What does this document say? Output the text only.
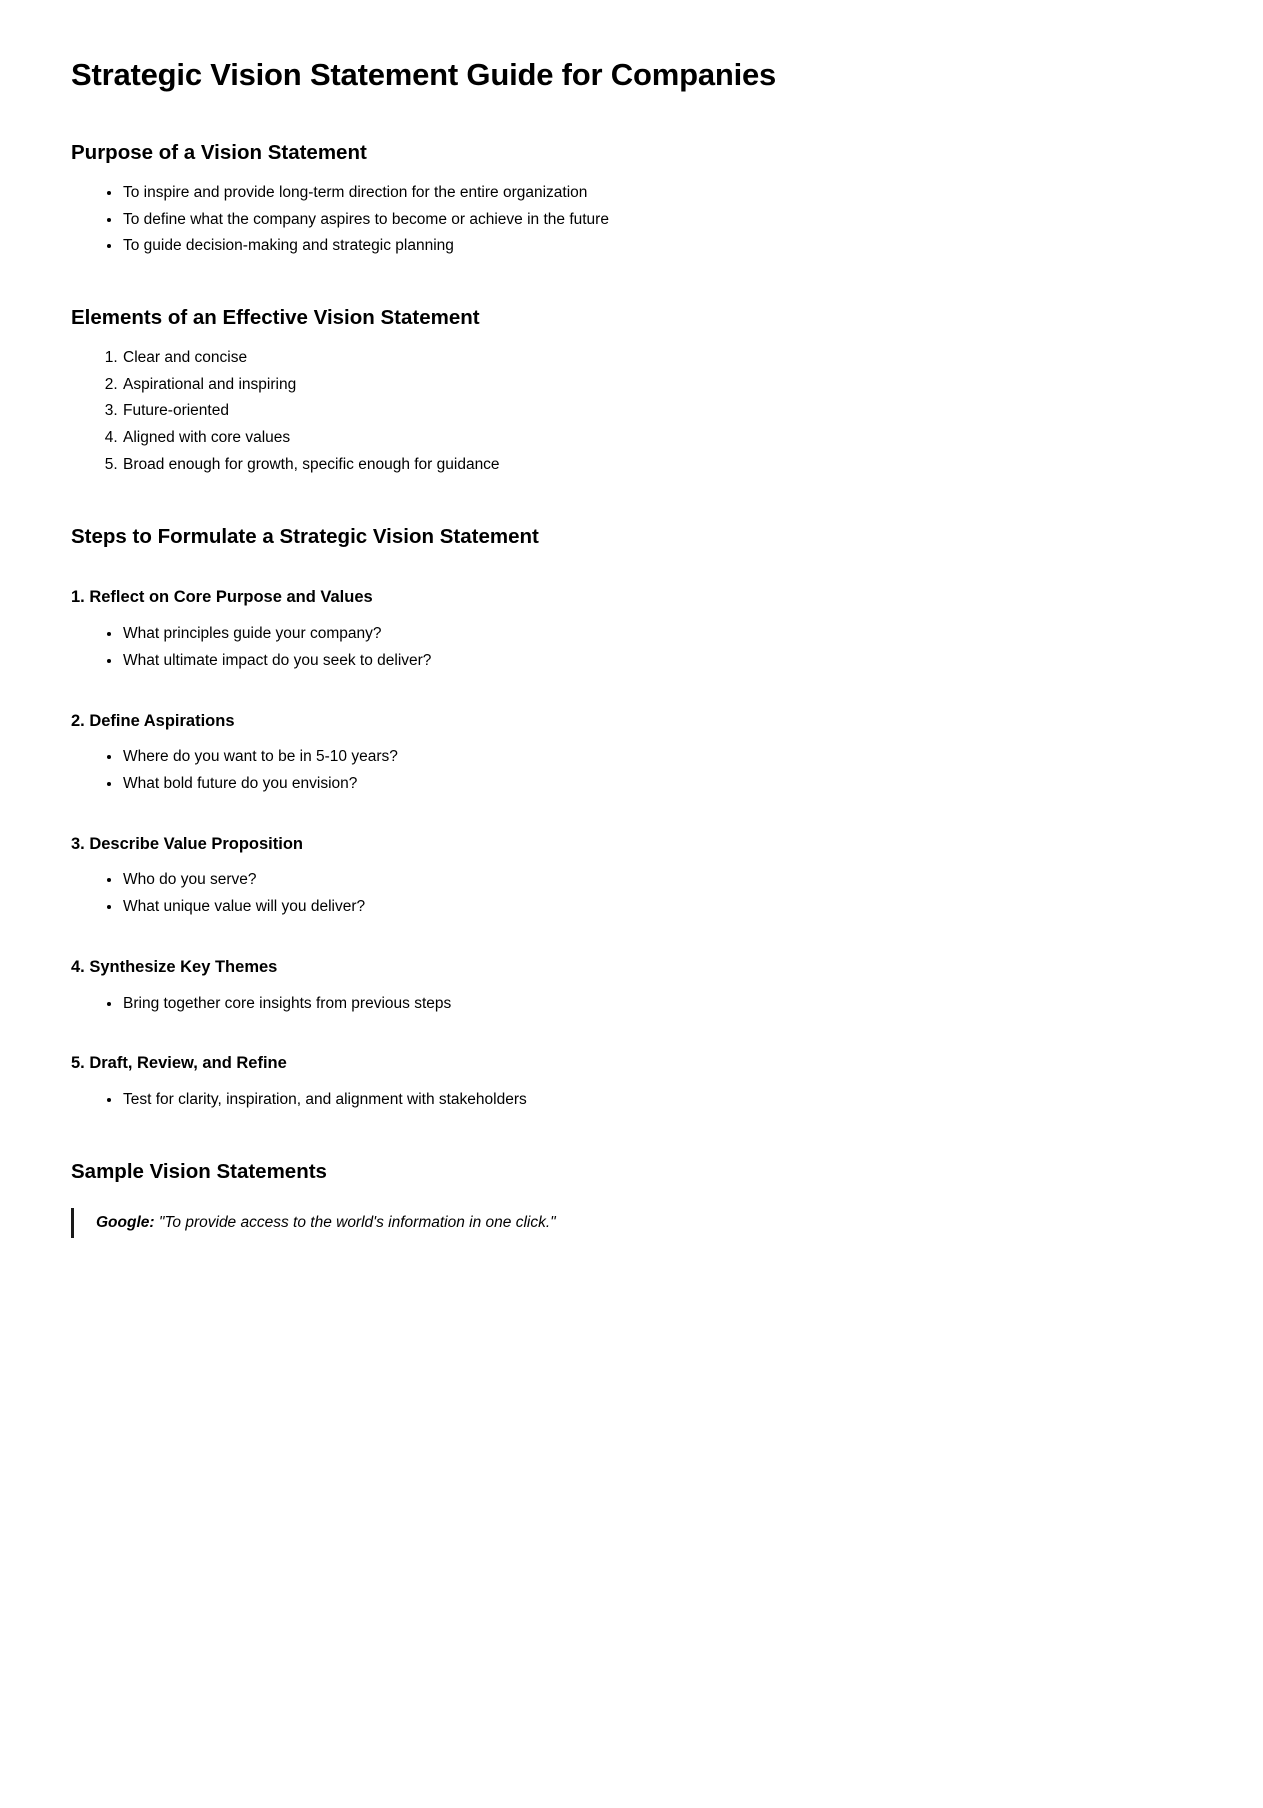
Strategic Vision Statement Guide for Companies
Purpose of a Vision Statement
• To inspire and provide long-term direction for the entire organization
• To define what the company aspires to become or achieve in the future
• To guide decision-making and strategic planning
Elements of an Effective Vision Statement
1. Clear and concise
2. Aspirational and inspiring
3. Future-oriented
4. Aligned with core values
5. Broad enough for growth, specific enough for guidance
Steps to Formulate a Strategic Vision Statement
1. Reflect on Core Purpose and Values
• What principles guide your company?
• What ultimate impact do you seek to deliver?
2. Define Aspirations
• Where do you want to be in 5-10 years?
• What bold future do you envision?
3. Describe Value Proposition
• Who do you serve?
• What unique value will you deliver?
4. Synthesize Key Themes
• Bring together core insights from previous steps
5. Draft, Review, and Refine
• Test for clarity, inspiration, and alignment with stakeholders
Sample Vision Statements
Google: "To provide access to the world's information in one click."
